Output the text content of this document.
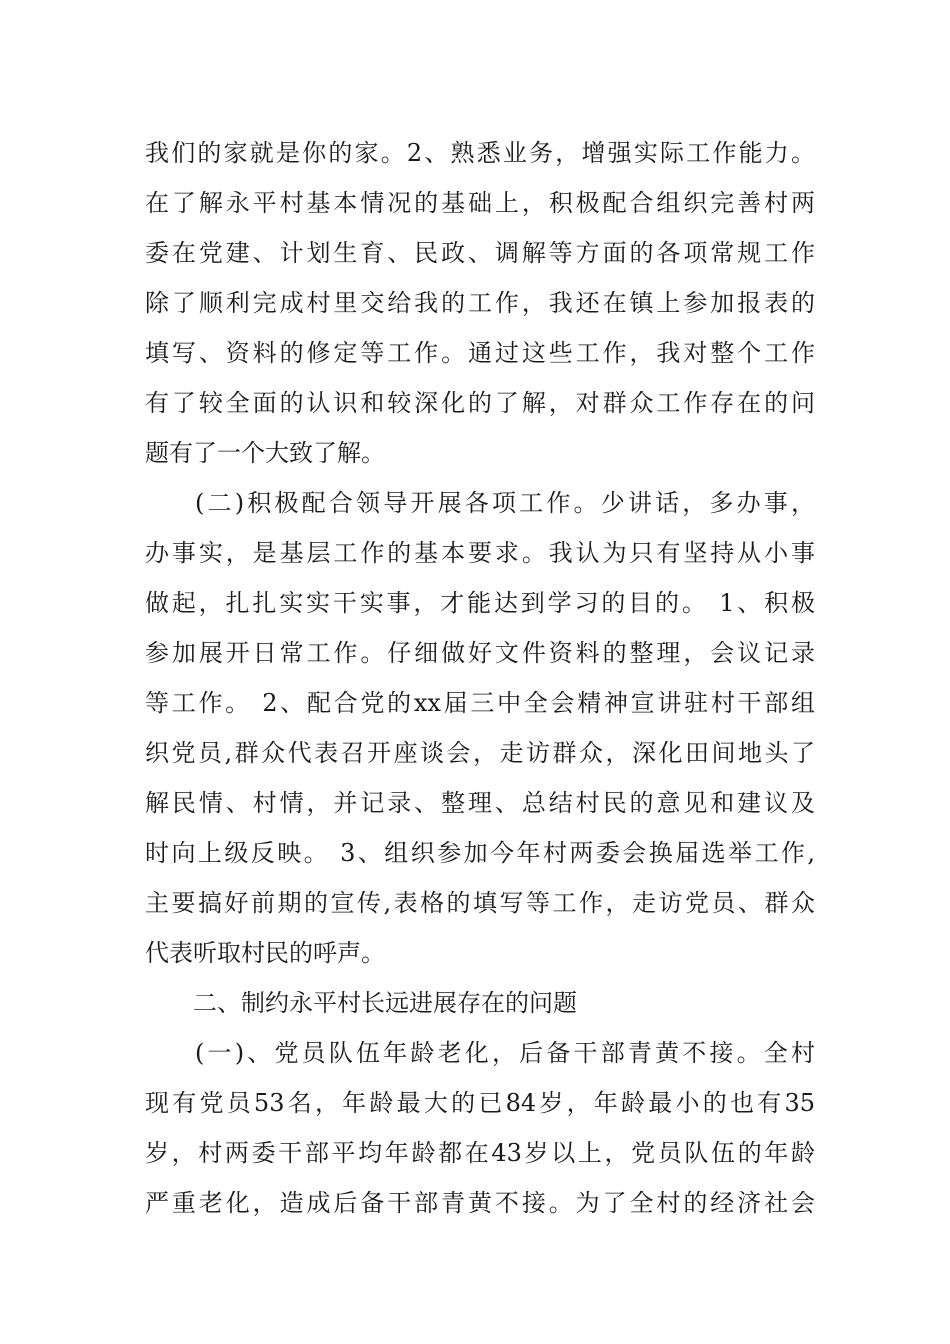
我们的家就是你的家。2、熟悉业务，增强实际工作能力。
在了解永平村基本情况的基础上，积极配合组织完善村两
委在党建、计划生育、民政、调解等方面的各项常规工作
除了顺利完成村里交给我的工作，我还在镇上参加报表的
填写、资料的修定等工作。通过这些工作，我对整个工作
有了较全面的认识和较深化的了解，对群众工作存在的问
题有了一个大致了解。
(二)积极配合领导开展各项工作。少讲话，多办事，
办事实，是基层工作的基本要求。我认为只有坚持从小事
做起，扎扎实实干实事，才能达到学习的目的。 1、积极
参加展开日常工作。仔细做好文件资料的整理，会议记录
等工作。 2、配合党的xx届三中全会精神宣讲驻村干部组
织党员,群众代表召开座谈会，走访群众，深化田间地头了
解民情、村情，并记录、整理、总结村民的意见和建议及
时向上级反映。 3、组织参加今年村两委会换届选举工作,
主要搞好前期的宣传,表格的填写等工作，走访党员、群众
代表听取村民的呼声。
二、制约永平村长远进展存在的问题
(一)、党员队伍年龄老化，后备干部青黄不接。全村
现有党员53名，年龄最大的已84岁，年龄最小的也有35
岁，村两委干部平均年龄都在43岁以上，党员队伍的年龄
严重老化，造成后备干部青黄不接。为了全村的经济社会
